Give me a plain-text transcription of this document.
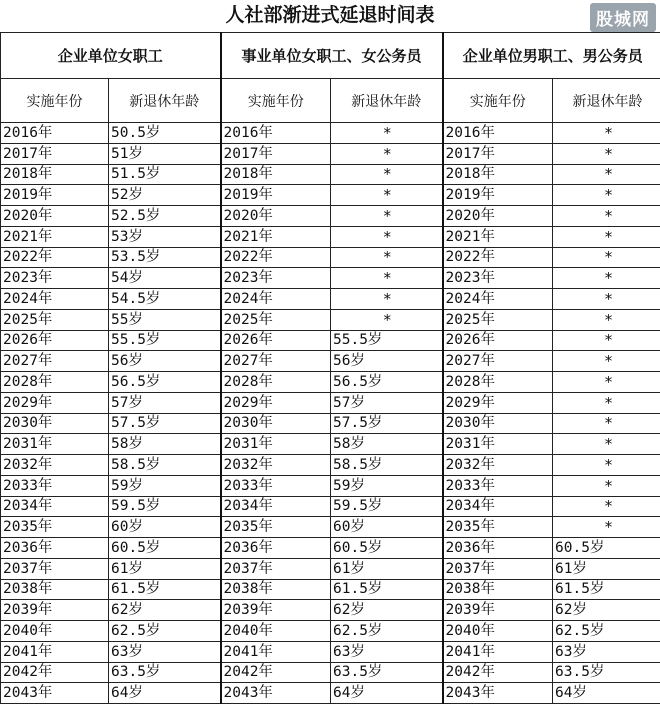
人社部渐进式延退时间表	股城网
企业单位女职工		事业单位女职工、女公务员		企业单位男职工、男公务员	
实施年份	新退休年龄	实施年份	新退休年龄	实施年份	新退休年龄
2016年	50.5岁	2016年	*	2016年	*
2017年	51岁	2017年	*	2017年	*
2018年	51.5岁	2018年	*	2018年	*
2019年	52岁	2019年	*	2019年	*
2020年	52.5岁	2020年	*	2020年	*
2021年	53岁	2021年	*	2021年	*
2022年	53.5岁	2022年	*	2022年	*
2023年	54岁	2023年	*	2023年	*
2024年	54.5岁	2024年	*	2024年	*
2025年	55岁	2025年	*	2025年	*
2026年	55.5岁	2026年	55.5岁	2026年	*
2027年	56岁	2027年	56岁	2027年	*
2028年	56.5岁	2028年	56.5岁	2028年	*
2029年	57岁	2029年	57岁	2029年	*
2030年	57.5岁	2030年	57.5岁	2030年	*
2031年	58岁	2031年	58岁	2031年	*
2032年	58.5岁	2032年	58.5岁	2032年	*
2033年	59岁	2033年	59岁	2033年	*
2034年	59.5岁	2034年	59.5岁	2034年	*
2035年	60岁	2035年	60岁	2035年	*
2036年	60.5岁	2036年	60.5岁	2036年	60.5岁
2037年	61岁	2037年	61岁	2037年	61岁
2038年	61.5岁	2038年	61.5岁	2038年	61.5岁
2039年	62岁	2039年	62岁	2039年	62岁
2040年	62.5岁	2040年	62.5岁	2040年	62.5岁
2041年	63岁	2041年	63岁	2041年	63岁
2042年	63.5岁	2042年	63.5岁	2042年	63.5岁
2043年	64岁	2043年	64岁	2043年	64岁
